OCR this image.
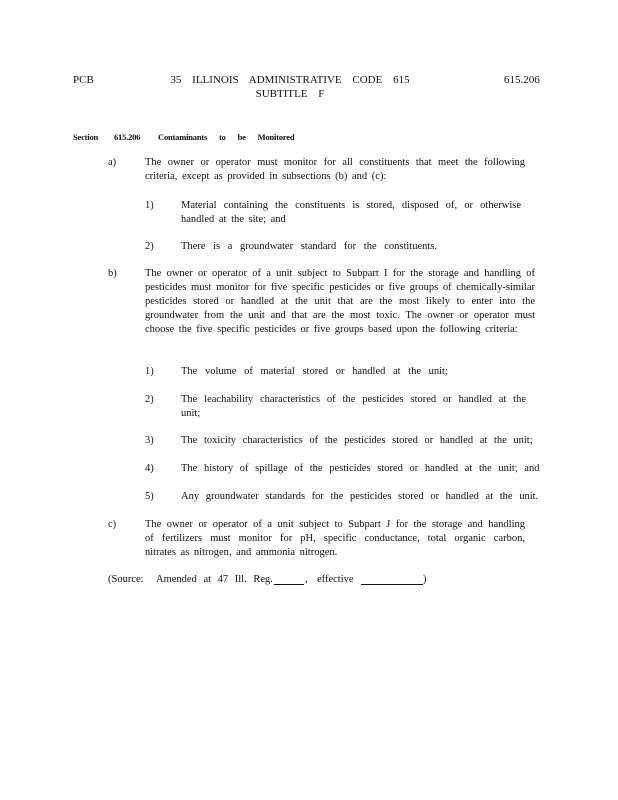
PCB	35 ILLINOIS ADMINISTRATIVE CODE 615
SUBTITLE F
615.206
Section 615.206 Contaminants to be Monitored
a)	The owner or operator must monitor for all constituents that meet the following criteria, except as provided in subsections (b) and (c):
1)	Material containing the constituents is stored, disposed of, or otherwise handled at the site; and
2)	There is a groundwater standard for the constituents.
b)	The owner or operator of a unit subject to Subpart I for the storage and handling of pesticides must monitor for five specific pesticides or five groups of chemically-similar pesticides stored or handled at the unit that are the most likely to enter into the groundwater from the unit and that are the most toxic. The owner or operator must choose the five specific pesticides or five groups based upon the following criteria:
1)	The volume of material stored or handled at the unit;
2)	The leachability characteristics of the pesticides stored or handled at the unit;
3)	The toxicity characteristics of the pesticides stored or handled at the unit;
4)	The history of spillage of the pesticides stored or handled at the unit; and
5)	Any groundwater standards for the pesticides stored or handled at the unit.
c)	The owner or operator of a unit subject to Subpart J for the storage and handling of fertilizers must monitor for pH, specific conductance, total organic carbon, nitrates as nitrogen, and ammonia nitrogen.
(Source: Amended at 47 Ill. Reg.	, effective	)
